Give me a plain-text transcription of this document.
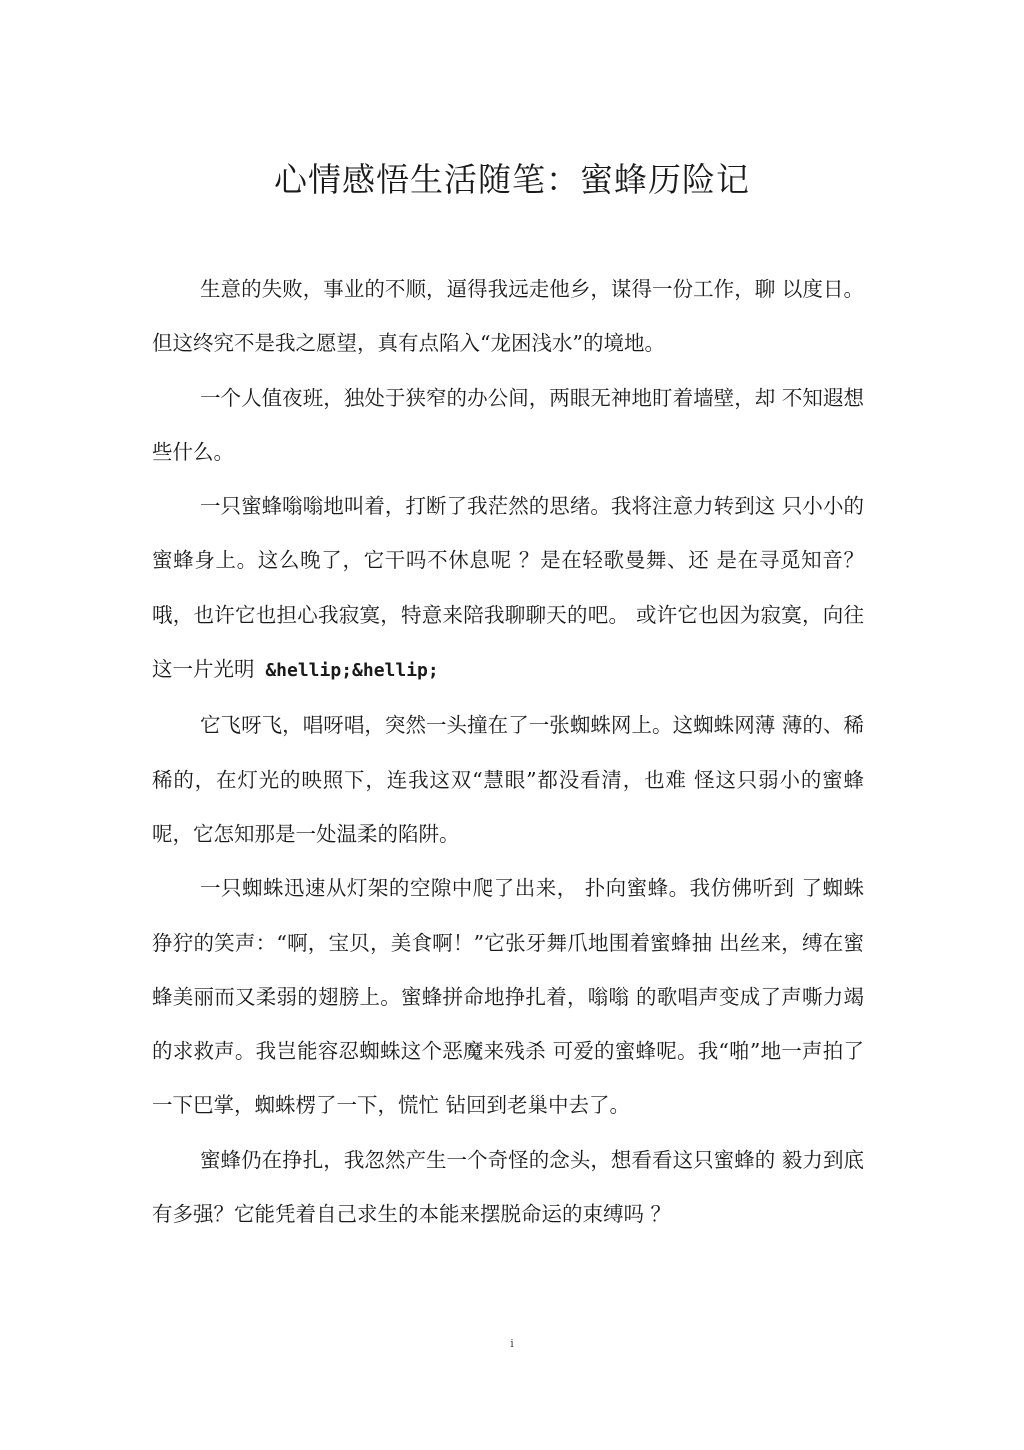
心情感悟生活随笔：蜜蜂历险记

生意的失败，事业的不顺，逼得我远走他乡，谋得一份工作，聊 以度日。但这终究不是我之愿望，真有点陷入“龙困浅水”的境地。

一个人值夜班，独处于狭窄的办公间，两眼无神地盯着墙壁，却 不知遐想些什么。

一只蜜蜂嗡嗡地叫着，打断了我茫然的思绪。我将注意力转到这 只小小的蜜蜂身上。这么晚了，它干吗不休息呢 ？是在轻歌曼舞、还 是在寻觅知音？哦，也许它也担心我寂寞，特意来陪我聊聊天的吧。 或许它也因为寂寞，向往这一片光明 &hellip;&hellip;

它飞呀飞，唱呀唱，突然一头撞在了一张蜘蛛网上。这蜘蛛网薄 薄的、稀稀的，在灯光的映照下，连我这双“慧眼”都没看清，也难 怪这只弱小的蜜蜂呢，它怎知那是一处温柔的陷阱。

一只蜘蛛迅速从灯架的空隙中爬了出来， 扑向蜜蜂。我仿佛听到 了蜘蛛狰狞的笑声：“啊，宝贝，美食啊！”它张牙舞爪地围着蜜蜂抽 出丝来，缚在蜜蜂美丽而又柔弱的翅膀上。蜜蜂拼命地挣扎着，嗡嗡 的歌唱声变成了声嘶力竭的求救声。我岂能容忍蜘蛛这个恶魔来残杀 可爱的蜜蜂呢。我“啪”地一声拍了一下巴掌，蜘蛛楞了一下，慌忙 钻回到老巢中去了。

蜜蜂仍在挣扎，我忽然产生一个奇怪的念头，想看看这只蜜蜂的 毅力到底有多强？它能凭着自己求生的本能来摆脱命运的束缚吗 ？

i
